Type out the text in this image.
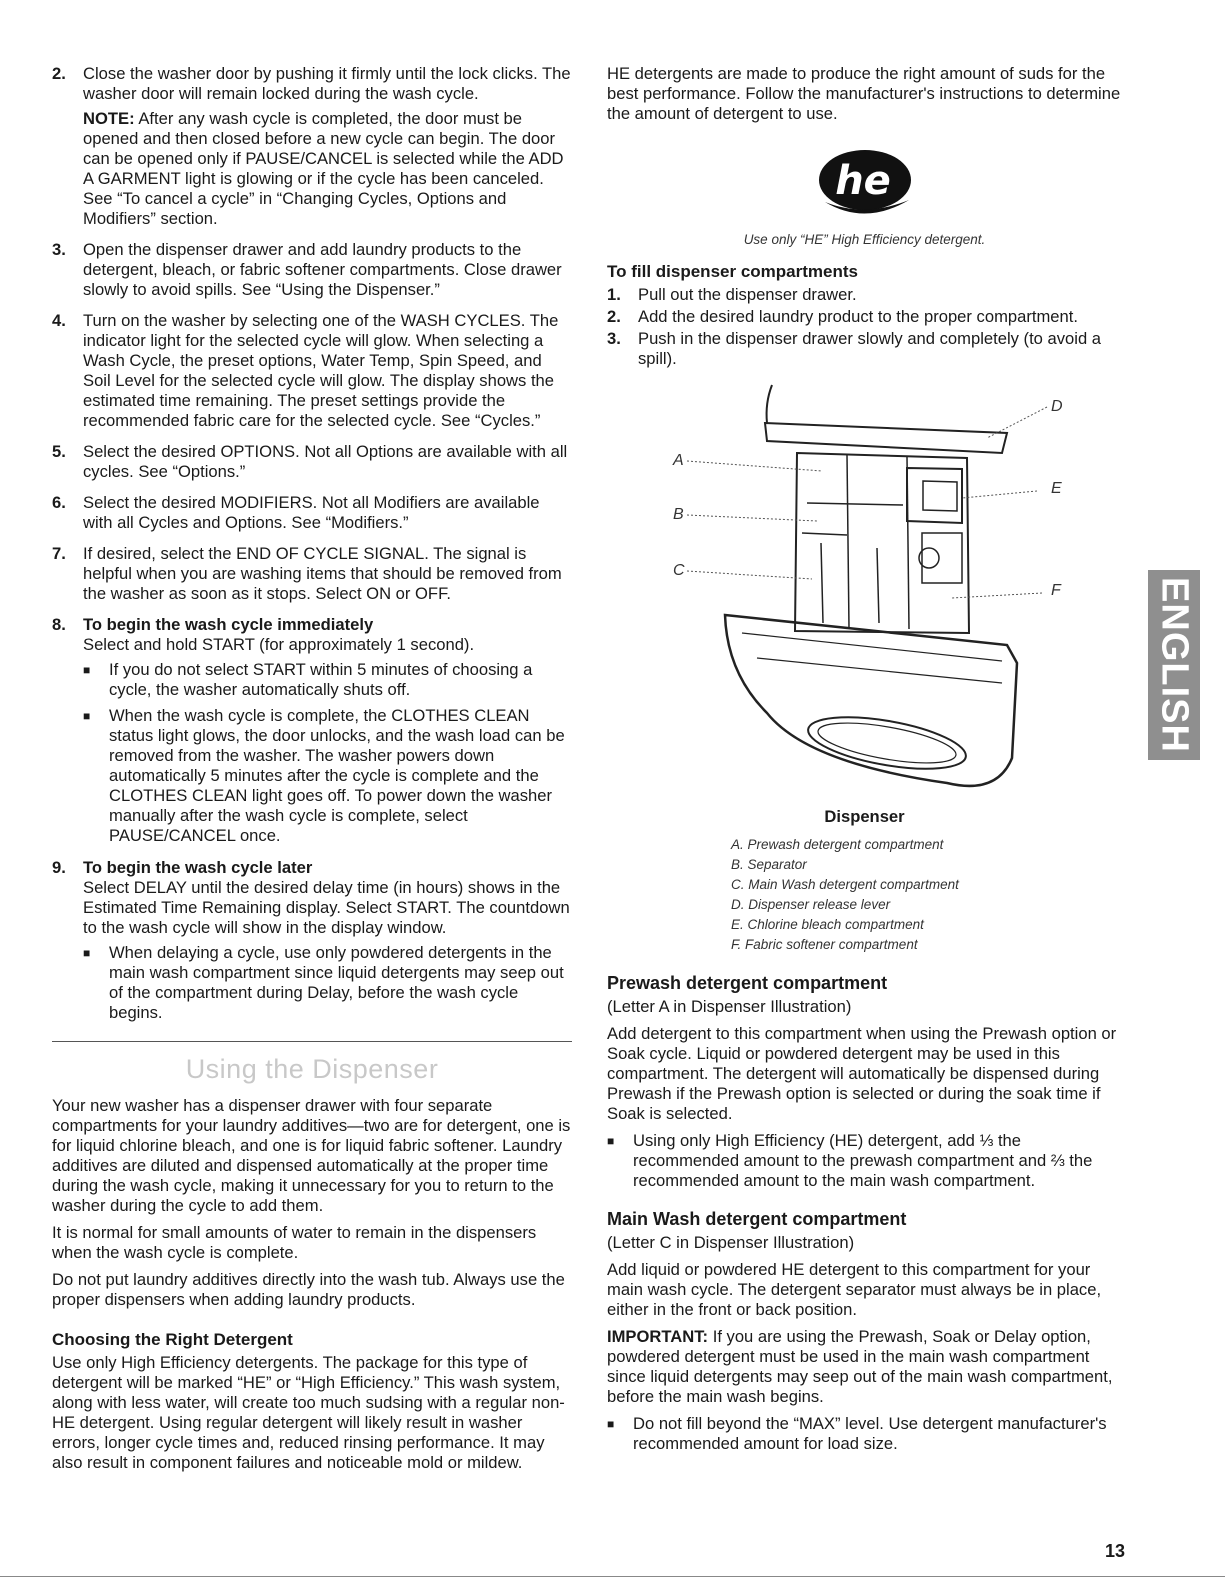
2.	Close the washer door by pushing it firmly until the lock clicks. The washer door will remain locked during the wash cycle.

NOTE: After any wash cycle is completed, the door must be opened and then closed before a new cycle can begin. The door can be opened only if PAUSE/CANCEL is selected while the ADD A GARMENT light is glowing or if the cycle has been canceled. See “To cancel a cycle” in “Changing Cycles, Options and Modifiers” section.

3.	Open the dispenser drawer and add laundry products to the detergent, bleach, or fabric softener compartments. Close drawer slowly to avoid spills. See “Using the Dispenser.”

4.	Turn on the washer by selecting one of the WASH CYCLES. The indicator light for the selected cycle will glow. When selecting a Wash Cycle, the preset options, Water Temp, Spin Speed, and Soil Level for the selected cycle will glow. The display shows the estimated time remaining. The preset settings provide the recommended fabric care for the selected cycle. See “Cycles.”

5.	Select the desired OPTIONS. Not all Options are available with all cycles. See “Options.”

6.	Select the desired MODIFIERS. Not all Modifiers are available with all Cycles and Options. See “Modifiers.”

7.	If desired, select the END OF CYCLE SIGNAL. The signal is helpful when you are washing items that should be removed from the washer as soon as it stops. Select ON or OFF.

8.	To begin the wash cycle immediately

Select and hold START (for approximately 1 second).

■	If you do not select START within 5 minutes of choosing a cycle, the washer automatically shuts off.
■	When the wash cycle is complete, the CLOTHES CLEAN status light glows, the door unlocks, and the wash load can be removed from the washer. The washer powers down automatically 5 minutes after the cycle is complete and the CLOTHES CLEAN light goes off. To power down the washer manually after the wash cycle is complete, select PAUSE/CANCEL once.
9.	To begin the wash cycle later

Select DELAY until the desired delay time (in hours) shows in the Estimated Time Remaining display. Select START. The countdown to the wash cycle will show in the display window.

■	When delaying a cycle, use only powdered detergents in the main wash compartment since liquid detergents may seep out of the compartment during Delay, before the wash cycle begins.
Using the Dispenser

Your new washer has a dispenser drawer with four separate compartments for your laundry additives—two are for detergent, one is for liquid chlorine bleach, and one is for liquid fabric softener. Laundry additives are diluted and dispensed automatically at the proper time during the wash cycle, making it unnecessary for you to return to the washer during the cycle to add them.

It is normal for small amounts of water to remain in the dispensers when the wash cycle is complete.

Do not put laundry additives directly into the wash tub. Always use the proper dispensers when adding laundry products.

Choosing the Right Detergent

Use only High Efficiency detergents. The package for this type of detergent will be marked “HE” or “High Efficiency.” This wash system, along with less water, will create too much sudsing with a regular non-HE detergent. Using regular detergent will likely result in washer errors, longer cycle times and, reduced rinsing performance. It may also result in component failures and noticeable mold or mildew.

HE detergents are made to produce the right amount of suds for the best performance. Follow the manufacturer's instructions to determine the amount of detergent to use.

he
Use only “HE” High Efficiency detergent.
To fill dispenser compartments
1.	Pull out the dispenser drawer.
2.	Add the desired laundry product to the proper compartment.
3.	Push in the dispenser drawer slowly and completely (to avoid a spill).
A
B
C
D
E
F
Dispenser
A. Prewash detergent compartment
B. Separator
C. Main Wash detergent compartment
D. Dispenser release lever
E. Chlorine bleach compartment
F. Fabric softener compartment
Prewash detergent compartment

(Letter A in Dispenser Illustration)

Add detergent to this compartment when using the Prewash option or Soak cycle. Liquid or powdered detergent may be used in this compartment. The detergent will automatically be dispensed during Prewash if the Prewash option is selected or during the soak time if Soak is selected.

■	Using only High Efficiency (HE) detergent, add ⅓ the recommended amount to the prewash compartment and ⅔ the recommended amount to the main wash compartment.
Main Wash detergent compartment

(Letter C in Dispenser Illustration)

Add liquid or powdered HE detergent to this compartment for your main wash cycle. The detergent separator must always be in place, either in the front or back position.

IMPORTANT: If you are using the Prewash, Soak or Delay option, powdered detergent must be used in the main wash compartment since liquid detergents may seep out of the main wash compartment, before the main wash begins.

■	Do not fill beyond the “MAX” level. Use detergent manufacturer's recommended amount for load size.
ENGLISH
13
